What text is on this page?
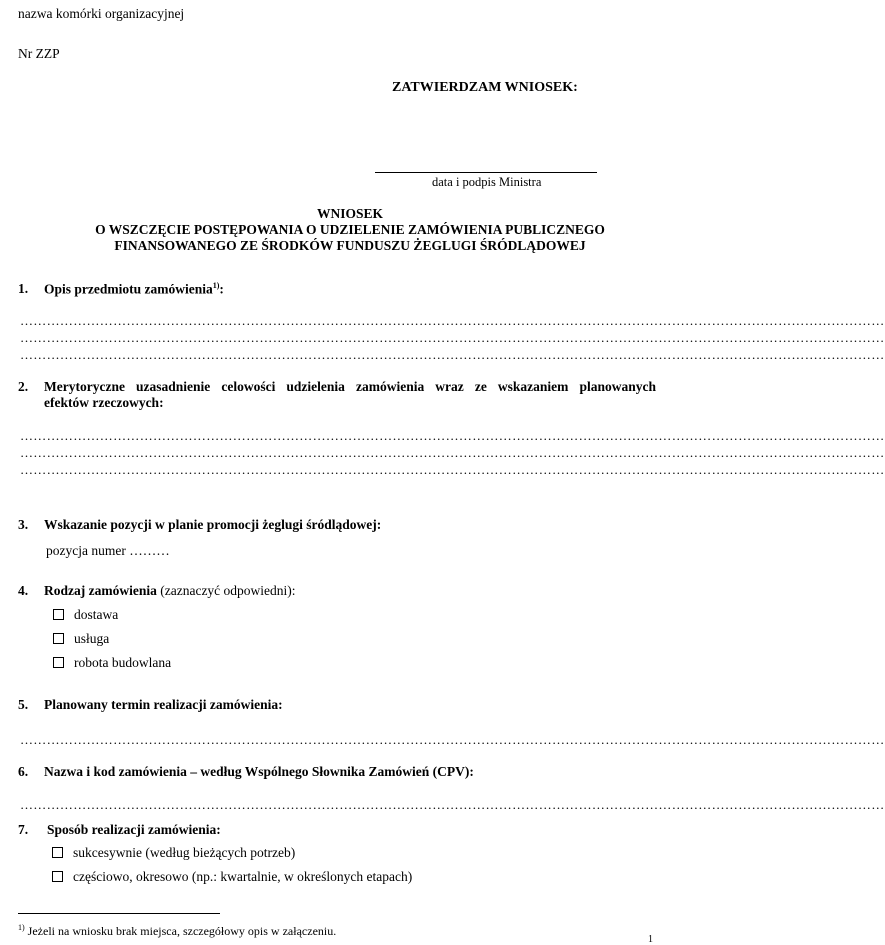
nazwa komórki organizacyjnej
Nr ZZP
ZATWIERDZAM WNIOSEK:
data i podpis Ministra
WNIOSEK
O WSZCZĘCIE POSTĘPOWANIA O UDZIELENIE ZAMÓWIENIA PUBLICZNEGO
FINANSOWANEGO ZE ŚRODKÓW FUNDUSZU ŻEGLUGI ŚRÓDLĄDOWEJ
1. Opis przedmiotu zamówienia$^{1)}$:
……………………………………………………………………………………………………………………………………………………………………………
……………………………………………………………………………………………………………………………………………………………………………
……………………………………………………………………………………………………………………………………………………………………………
2. Merytoryczne uzasadnienie celowości udzielenia zamówienia wraz ze wskazaniem planowanych
efektów rzeczowych:
……………………………………………………………………………………………………………………………………………………………………………
……………………………………………………………………………………………………………………………………………………………………………
……………………………………………………………………………………………………………………………………………………………………………
3. Wskazanie pozycji w planie promocji żeglugi śródlądowej:
pozycja numer ………
4. Rodzaj zamówienia (zaznaczyć odpowiedni):
dostawa
usługa
robota budowlana
5. Planowany termin realizacji zamówienia:
……………………………………………………………………………………………………………………………………………………………………………
6. Nazwa i kod zamówienia – według Wspólnego Słownika Zamówień (CPV):
……………………………………………………………………………………………………………………………………………………………………………
7. Sposób realizacji zamówienia:
sukcesywnie (według bieżących potrzeb)
częściowo, okresowo (np.: kwartalnie, w określonych etapach)
$^{1)}$ Jeżeli na wniosku brak miejsca, szczegółowy opis w załączeniu.
1
